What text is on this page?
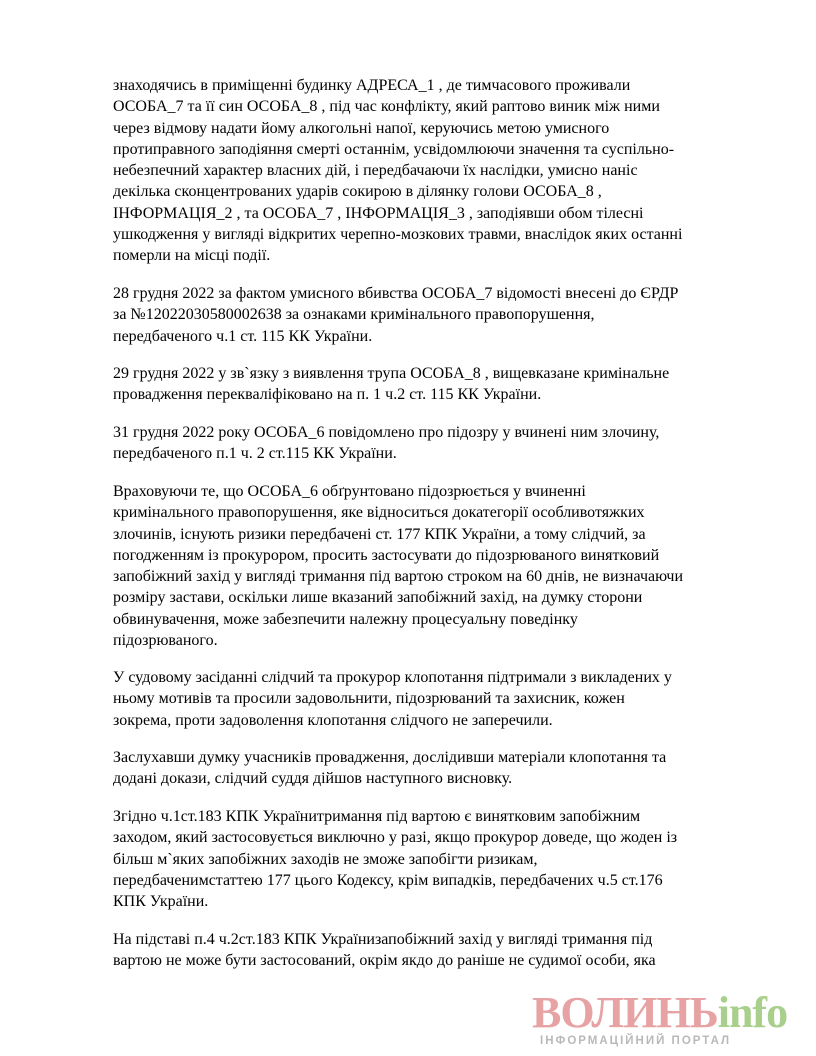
знаходячись в приміщенні будинку АДРЕСА_1 , де тимчасового проживали
ОСОБА_7 та її син ОСОБА_8 , під час конфлікту, який раптово виник між ними
через відмову надати йому алкогольні напої, керуючись метою умисного
протиправного заподіяння смерті останнім, усвідомлюючи значення та суспільно-
небезпечний характер власних дій, і передбачаючи їх наслідки, умисно наніс
декілька сконцентрованих ударів сокирою в ділянку голови ОСОБА_8 ,
ІНФОРМАЦІЯ_2 , та ОСОБА_7 , ІНФОРМАЦІЯ_3 , заподіявши обом тілесні
ушкодження у вигляді відкритих черепно-мозкових травми, внаслідок яких останні
померли на місці події.

28 грудня 2022 за фактом умисного вбивства ОСОБА_7 відомості внесені до ЄРДР
за №12022030580002638 за ознаками кримінального правопорушення,
передбаченого ч.1 ст. 115 КК України.

29 грудня 2022 у зв`язку з виявлення трупа ОСОБА_8 , вищевказане кримінальне
провадження перекваліфіковано на п. 1 ч.2 ст. 115 КК України.

31 грудня 2022 року ОСОБА_6 повідомлено про підозру у вчинені ним злочину,
передбаченого п.1 ч. 2 ст.115 КК України.

Враховуючи те, що ОСОБА_6 обґрунтовано підозрюється у вчиненні
кримінального правопорушення, яке відноситься докатегорії особливотяжких
злочинів, існують ризики передбачені ст. 177 КПК України, а тому слідчий, за
погодженням із прокурором, просить застосувати до підозрюваного винятковий
запобіжний захід у вигляді тримання під вартою строком на 60 днів, не визначаючи
розміру застави, оскільки лише вказаний запобіжний захід, на думку сторони
обвинувачення, може забезпечити належну процесуальну поведінку
підозрюваного.

У судовому засіданні слідчий та прокурор клопотання підтримали з викладених у
ньому мотивів та просили задовольнити, підозрюваний та захисник, кожен
зокрема, проти задоволення клопотання слідчого не заперечили.

Заслухавши думку учасників провадження, дослідивши матеріали клопотання та
додані докази, слідчий суддя дійшов наступного висновку.

Згідно ч.1ст.183 КПК Українитримання під вартою є винятковим запобіжним
заходом, який застосовується виключно у разі, якщо прокурор доведе, що жоден із
більш м`яких запобіжних заходів не зможе запобігти ризикам,
передбаченимстаттею 177 цього Кодексу, крім випадків, передбачених ч.5 ст.176
КПК України.

На підставі п.4 ч.2ст.183 КПК Українизапобіжний захід у вигляді тримання під
вартою не може бути застосований, окрім якдо до раніше не судимої особи, яка

ВОЛИНЬinfo
ІНФОРМАЦІЙНИЙ ПОРТАЛ
